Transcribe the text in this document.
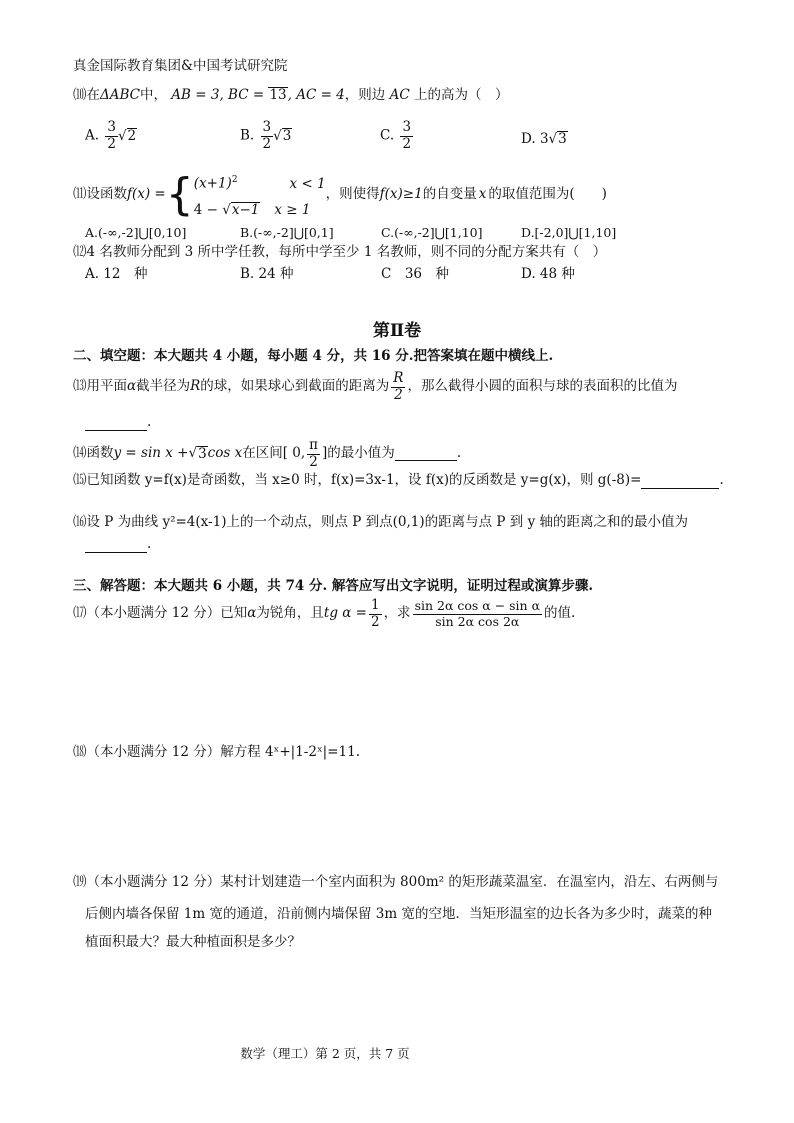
真金国际教育集团&中国考试研究院
⑽在ΔABC中， AB = 3, BC = 13, AC = 4，则边 AC 上的高为（　）
A. $\frac{3}{2} √2$	B. $\frac{3}{2} √3$	C. $\frac{3}{2}$	D. 3√3
⑾设函数f(x) ={ $(x+1)^2$	x < 1
4 − √x−1 x ≥ 1
，则使得f(x)≥1的自变量 x 的取值范围为(　　)
A.(-∞,-2]⋃[0,10]	B.(-∞,-2]⋃[0,1]	C.(-∞,-2]⋃[1,10]	D.[-2,0]⋃[1,10]
⑿4 名教师分配到 3 所中学任教，每所中学至少 1 名教师，则不同的分配方案共有（　）
A. 12　种	B. 24 种	C　36　种	D. 48 种
第Ⅱ卷
二、填空题：本大题共 4 小题，每小题 4 分，共 16 分.把答案填在题中横线上.
⒀用平面α截半径为R的球，如果球心到截面的距离为 $\frac{R}{2}$ ，那么截得小圆的面积与球的表面积的比值为
.
⒁函数y = sin x +√3cos x在区间[ 0, $\frac{\pi}{2}$ ]的最小值为	.
⒂已知函数 y=f(x)是奇函数，当 x≥0 时，f(x)=3x-1，设 f(x)的反函数是 y=g(x)，则 g(-8)=	.
⒃设 P 为曲线 y²=4(x-1)上的一个动点，则点 P 到点(0,1)的距离与点 P 到 y 轴的距离之和的最小值为
.
三、解答题：本大题共 6 小题，共 74 分. 解答应写出文字说明，证明过程或演算步骤.
⒄（本小题满分 12 分）已知α为锐角，且tg $\alpha = \frac{1}{2}$ ，求 $\frac{\text{sin 2α cos α − sin α}}{\text{sin 2α cos 2α}}$ 的值.
⒅（本小题满分 12 分）解方程 4ˣ+|1-2ˣ|=11.
⒆（本小题满分 12 分）某村计划建造一个室内面积为 800m² 的矩形蔬菜温室．在温室内，沿左、右两侧与
后侧内墙各保留 1m 宽的通道，沿前侧内墙保留 3m 宽的空地．当矩形温室的边长各为多少时，蔬菜的种
植面积最大？最大种植面积是多少？
数学（理工）第 2 页，共 7 页
